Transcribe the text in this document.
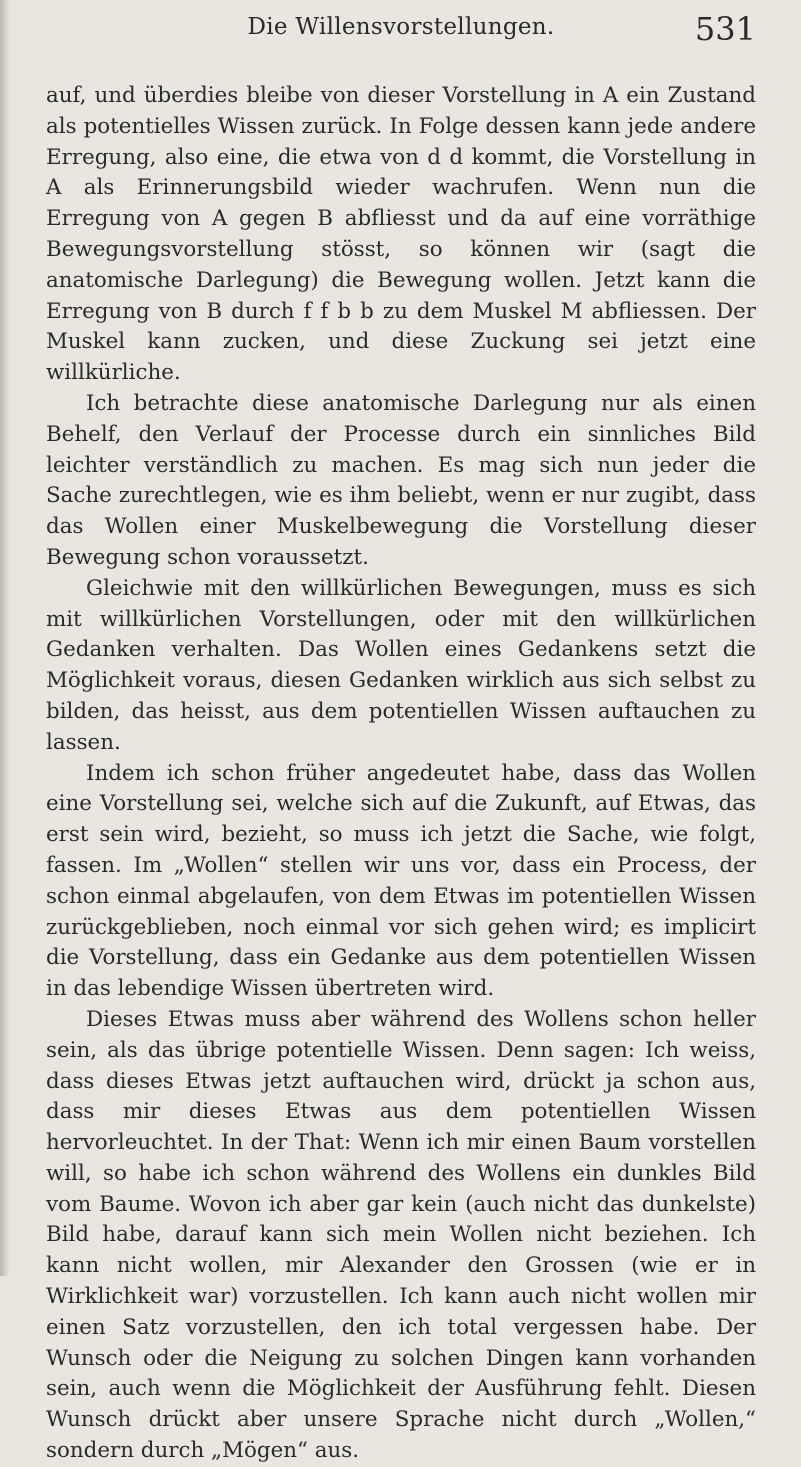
Die Willensvorstellungen.	531

auf, und überdies bleibe von dieser Vorstellung in A ein Zustand als potentielles Wissen zurück. In Folge dessen kann jede andere Erregung, also eine, die etwa von d d kommt, die Vorstellung in A als Erinnerungsbild wieder wachrufen. Wenn nun die Erregung von A gegen B abfliesst und da auf eine vorräthige Bewegungsvorstellung stösst, so können wir (sagt die anatomische Darlegung) die Bewegung wollen. Jetzt kann die Erregung von B durch f f b b zu dem Muskel M abfliessen. Der Muskel kann zucken, und diese Zuckung sei jetzt eine willkürliche.

Ich betrachte diese anatomische Darlegung nur als einen Behelf, den Verlauf der Processe durch ein sinnliches Bild leichter verständlich zu machen. Es mag sich nun jeder die Sache zurechtlegen, wie es ihm beliebt, wenn er nur zugibt, dass das Wollen einer Muskelbewegung die Vorstellung dieser Bewegung schon voraussetzt.

Gleichwie mit den willkürlichen Bewegungen, muss es sich mit willkürlichen Vorstellungen, oder mit den willkürlichen Gedanken verhalten. Das Wollen eines Gedankens setzt die Möglichkeit voraus, diesen Gedanken wirklich aus sich selbst zu bilden, das heisst, aus dem potentiellen Wissen auftauchen zu lassen.

Indem ich schon früher angedeutet habe, dass das Wollen eine Vorstellung sei, welche sich auf die Zukunft, auf Etwas, das erst sein wird, bezieht, so muss ich jetzt die Sache, wie folgt, fassen. Im „Wollen“ stellen wir uns vor, dass ein Process, der schon einmal abgelaufen, von dem Etwas im potentiellen Wissen zurückgeblieben, noch einmal vor sich gehen wird; es implicirt die Vorstellung, dass ein Gedanke aus dem potentiellen Wissen in das lebendige Wissen übertreten wird.

Dieses Etwas muss aber während des Wollens schon heller sein, als das übrige potentielle Wissen. Denn sagen: Ich weiss, dass dieses Etwas jetzt auftauchen wird, drückt ja schon aus, dass mir dieses Etwas aus dem potentiellen Wissen hervorleuchtet. In der That: Wenn ich mir einen Baum vorstellen will, so habe ich schon während des Wollens ein dunkles Bild vom Baume. Wovon ich aber gar kein (auch nicht das dunkelste) Bild habe, darauf kann sich mein Wollen nicht beziehen. Ich kann nicht wollen, mir Alexander den Grossen (wie er in Wirklichkeit war) vorzustellen. Ich kann auch nicht wollen mir einen Satz vorzustellen, den ich total vergessen habe. Der Wunsch oder die Neigung zu solchen Dingen kann vorhanden sein, auch wenn die Möglichkeit der Ausführung fehlt. Diesen Wunsch drückt aber unsere Sprache nicht durch „Wollen,“ sondern durch „Mögen“ aus.
